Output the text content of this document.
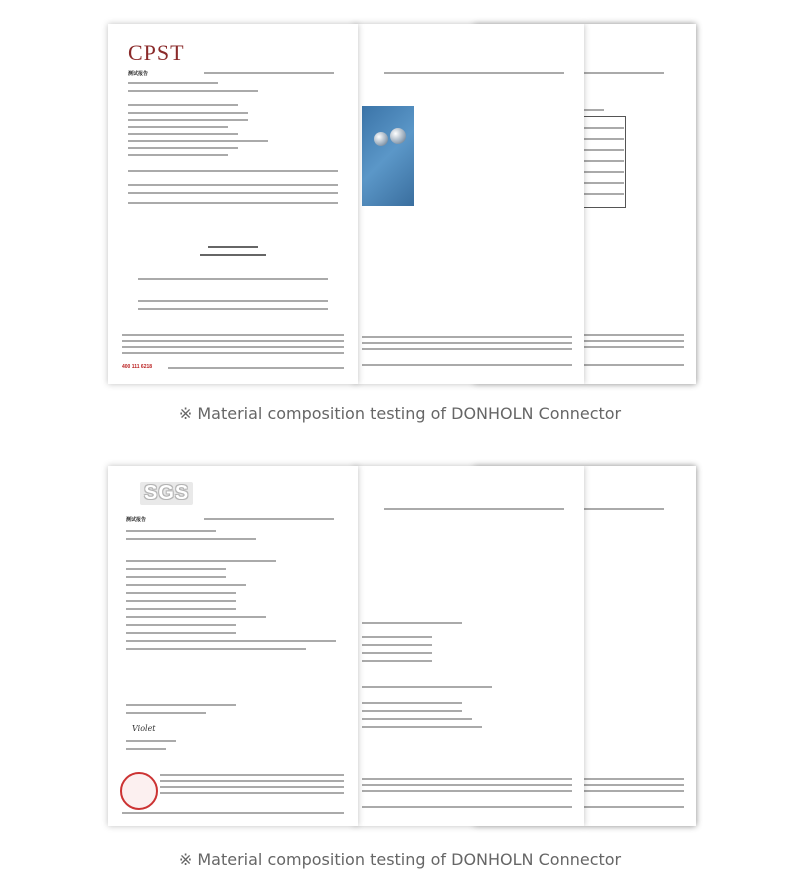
CPST
测试报告
400 111 6218
※ Material composition testing of DONHOLN Connector
SGS
测试报告
Violet
※ Material composition testing of DONHOLN Connector
